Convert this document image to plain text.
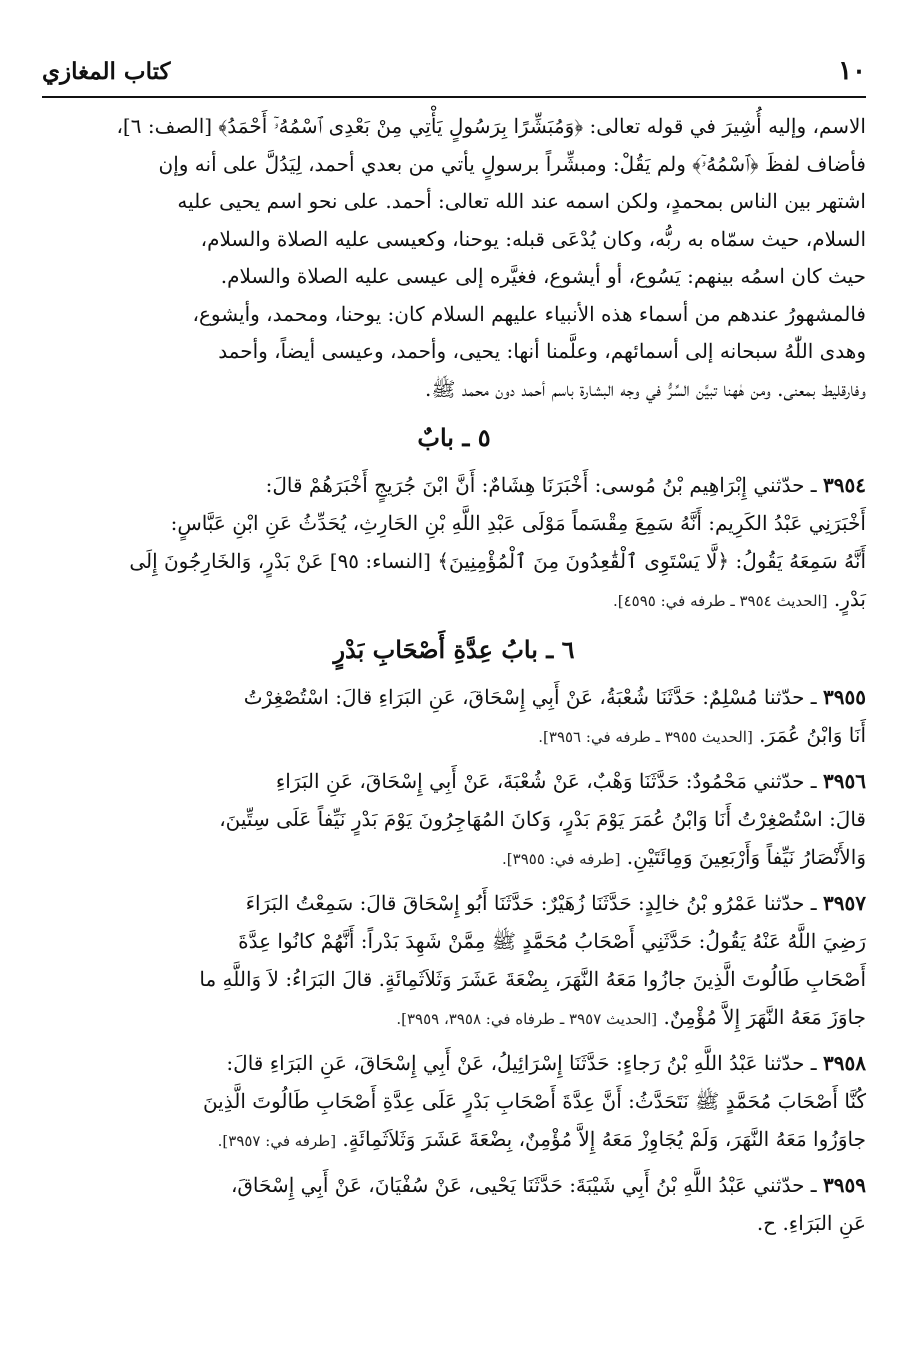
١٠
كتاب المغازي

الاسم، وإليه أُشِيرَ في قوله تعالى: ﴿وَمُبَشِّرًا بِرَسُولٍ يَأْتِي مِنْ بَعْدِى ٱسْمُهُۥٓ أَحْمَدُ﴾ [الصف: ٦]،

فأضاف لفظَ ﴿ٱسْمُهُۥٓ﴾ ولم يَقُلْ: ومبشِّراً برسولٍ يأتي من بعدي أحمد، لِيَدُلَّ على أنه وإن

اشتهر بين الناس بمحمدٍ، ولكن اسمه عند الله تعالى: أحمد. على نحو اسم يحيى عليه

السلام، حيث سمّاه به ربُّه، وكان يُدْعَى قبله: يوحنا، وكعيسى عليه الصلاة والسلام،

حيث كان اسمُه بينهم: يَسُوع، أو أيشوع، فغيَّره إلى عيسى عليه الصلاة والسلام.

فالمشهورُ عندهم من أسماء هذه الأنبياء عليهم السلام كان: يوحنا، ومحمد، وأيشوع،

وهدى اللّٰهُ سبحانه إلى أسمائهم، وعلَّمنا أنها: يحيى، وأحمد، وعيسى أيضاً، وأحمد

وفارقليط بمعنى. ومن هٰهنا تبيَّن السِّرُّ في وجه البشارة باسم أحمد دون محمد ﷺ.

٥ ـ بابٌ

٣٩٥٤ ـ حدّثني إِبْرَاهِيم بْنُ مُوسى: أَخْبَرَنَا هِشَامٌ: أَنَّ ابْنَ جُرَيجٍ أَخْبَرَهُمْ قالَ:

أَخْبَرَنِي عَبْدُ الكَرِيم: أَنَّهُ سَمِعَ مِقْسَماً مَوْلَى عَبْدِ اللَّهِ بْنِ الحَارِثِ، يُحَدِّثُ عَنِ ابْنِ عَبَّاسٍ:

أَنَّهُ سَمِعَهُ يَقُولُ: ﴿لَّا يَسْتَوِى ٱلْقَٰعِدُونَ مِنَ ٱلْمُؤْمِنِينَ﴾ [النساء: ٩٥] عَنْ بَدْرٍ، وَالخَارِجُونَ إِلَى

بَدْرٍ. [الحديث ٣٩٥٤ ـ طرفه في: ٤٥٩٥].

٦ ـ بابُ عِدَّةِ أَصْحَابِ بَدْرٍ

٣٩٥٥ ـ حدّثنا مُسْلِمٌ: حَدَّثَنَا شُعْبَةُ، عَنْ أَبِي إِسْحَاقَ، عَنِ البَرَاءِ قالَ: اسْتُصْغِرْتُ

أَنَا وَابْنُ عُمَرَ. [الحديث ٣٩٥٥ ـ طرفه في: ٣٩٥٦].

٣٩٥٦ ـ حدّثني مَحْمُودٌ: حَدَّثَنَا وَهْبٌ، عَنْ شُعْبَةَ، عَنْ أَبِي إِسْحَاقَ، عَنِ البَرَاءِ

قالَ: اسْتُصْغِرْتُ أَنَا وَابْنُ عُمَرَ يَوْمَ بَدْرٍ، وَكانَ المُهَاجِرُونَ يَوْمَ بَدْرٍ نَيِّفاً عَلَى سِتِّينَ،

وَالأَنْصَارُ نَيِّفاً وَأَرْبَعِينَ وَمِائَتَيْنِ. [طرفه في: ٣٩٥٥].

٣٩٥٧ ـ حدّثنا عَمْرُو بْنُ خالِدٍ: حَدَّثَنَا زُهَيْرٌ: حَدَّثَنَا أَبُو إِسْحَاقَ قالَ: سَمِعْتُ البَرَاءَ

رَضِيَ اللَّهُ عَنْهُ يَقُولُ: حَدَّثَنِي أَصْحَابُ مُحَمَّدٍ ﷺ مِمَّنْ شَهِدَ بَدْراً: أَنَّهُمْ كانُوا عِدَّةَ

أَصْحَابِ طَالُوتَ الَّذِينَ جازُوا مَعَهُ النَّهَرَ، بِضْعَةَ عَشَرَ وَثَلاَثَمِائَةٍ. قالَ البَرَاءُ: لاَ وَاللَّهِ ما

جاوَزَ مَعَهُ النَّهَرَ إِلاَّ مُؤْمِنٌ. [الحديث ٣٩٥٧ ـ طرفاه في: ٣٩٥٨، ٣٩٥٩].

٣٩٥٨ ـ حدّثنا عَبْدُ اللَّهِ بْنُ رَجاءٍ: حَدَّثَنَا إِسْرَائِيلُ، عَنْ أَبِي إِسْحَاقَ، عَنِ البَرَاءِ قالَ:

كُنَّا أَصْحَابَ مُحَمَّدٍ ﷺ نَتَحَدَّثُ: أَنَّ عِدَّةَ أَصْحَابِ بَدْرٍ عَلَى عِدَّةِ أَصْحَابِ طَالُوتَ الَّذِينَ

جاوَزُوا مَعَهُ النَّهَرَ، وَلَمْ يُجَاوِزْ مَعَهُ إِلاَّ مُؤْمِنٌ، بِضْعَةَ عَشَرَ وَثَلاَثَمِائَةٍ. [طرفه في: ٣٩٥٧].

٣٩٥٩ ـ حدّثني عَبْدُ اللَّهِ بْنُ أَبِي شَيْبَةَ: حَدَّثَنَا يَحْيى، عَنْ سُفْيَانَ، عَنْ أَبِي إِسْحَاقَ،

عَنِ البَرَاءِ. ح.
